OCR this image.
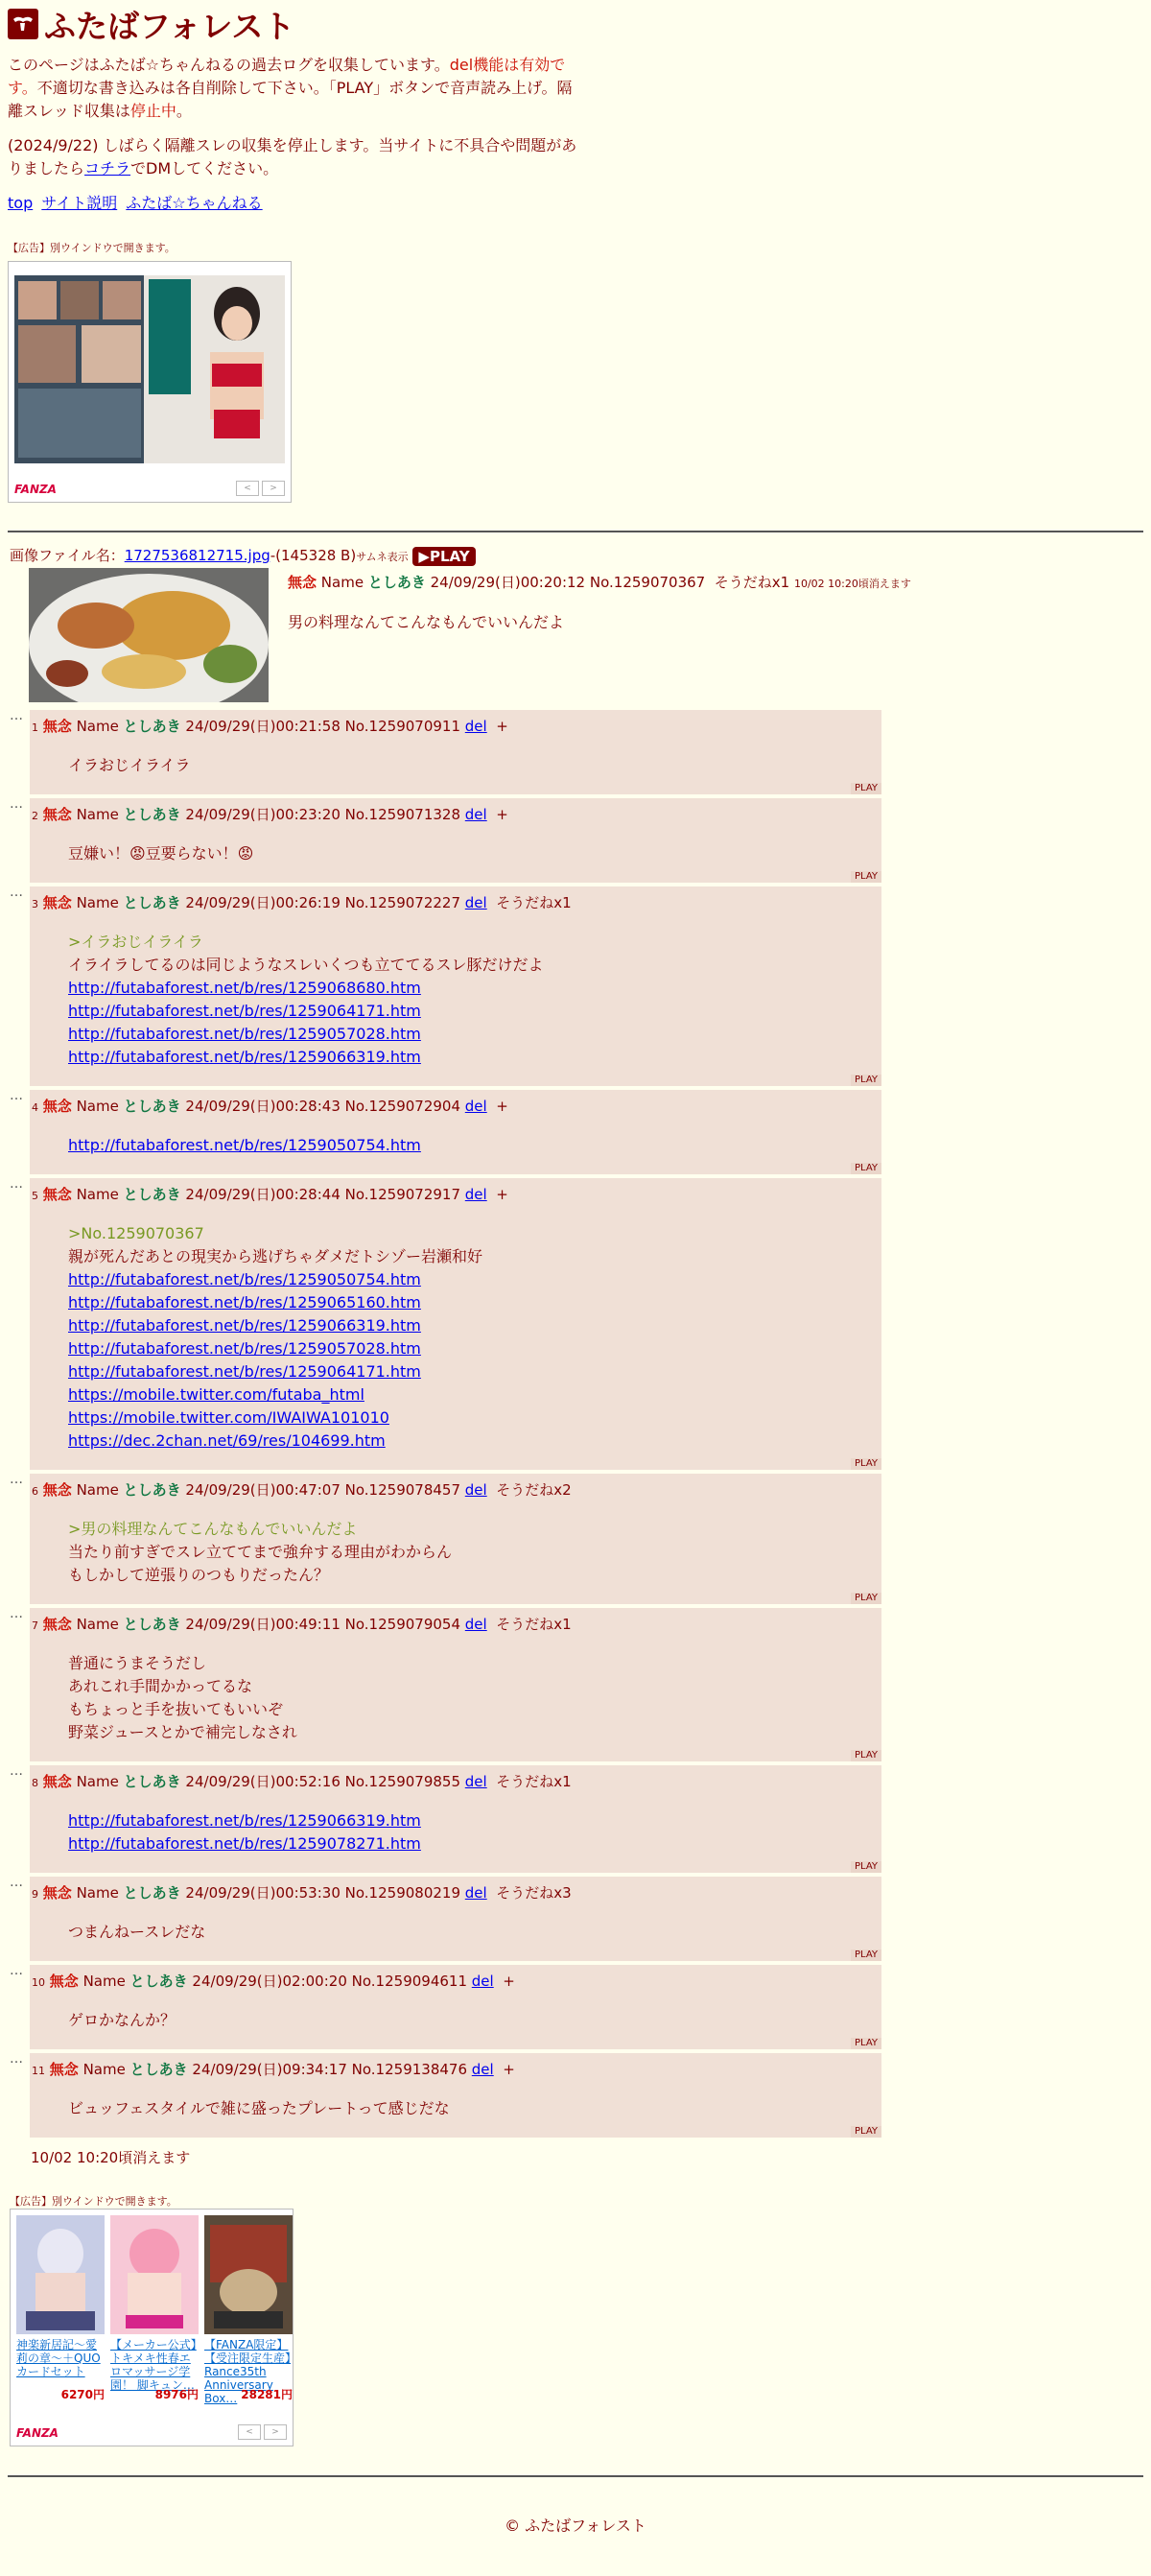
ふたばフォレスト
このページはふたば☆ちゃんねるの過去ログを収集しています。del機能は有効です。不適切な書き込みは各自削除して下さい。「PLAY」ボタンで音声読み上げ。隔離スレッド収集は停止中。
(2024/9/22) しばらく隔離スレの収集を停止します。当サイトに不具合や問題がありましたらコチラでDMしてください。
top サイト説明 ふたば☆ちゃんねる
【広告】別ウインドウで開きます。
FANZA	<	>
画像ファイル名：1727536812715.jpg-(145328 B)サムネ表示 ▶PLAY
無念 Name としあき 24/09/29(日)00:20:12 No.1259070367 そうだねx1 10/02 10:20頃消えます
男の料理なんてこんなもんでいいんだよ
…
1 無念 Name としあき 24/09/29(日)00:21:58 No.1259070911 del +
イラおじイライラ
PLAY
…
2 無念 Name としあき 24/09/29(日)00:23:20 No.1259071328 del +
豆嫌い！😡豆要らない！😡
PLAY
…
3 無念 Name としあき 24/09/29(日)00:26:19 No.1259072227 del そうだねx1
>イラおじイライラ
イライラしてるのは同じようなスレいくつも立ててるスレ豚だけだよ
http://futabaforest.net/b/res/1259068680.htm
http://futabaforest.net/b/res/1259064171.htm
http://futabaforest.net/b/res/1259057028.htm
http://futabaforest.net/b/res/1259066319.htm
PLAY
…
4 無念 Name としあき 24/09/29(日)00:28:43 No.1259072904 del +
http://futabaforest.net/b/res/1259050754.htm
PLAY
…
5 無念 Name としあき 24/09/29(日)00:28:44 No.1259072917 del +
>No.1259070367
親が死んだあとの現実から逃げちゃダメだトシゾー岩瀬和好
http://futabaforest.net/b/res/1259050754.htm
http://futabaforest.net/b/res/1259065160.htm
http://futabaforest.net/b/res/1259066319.htm
http://futabaforest.net/b/res/1259057028.htm
http://futabaforest.net/b/res/1259064171.htm
https://mobile.twitter.com/futaba_html
https://mobile.twitter.com/IWAIWA101010
https://dec.2chan.net/69/res/104699.htm
PLAY
…
6 無念 Name としあき 24/09/29(日)00:47:07 No.1259078457 del そうだねx2
>男の料理なんてこんなもんでいいんだよ
当たり前すぎでスレ立ててまで強弁する理由がわからん
もしかして逆張りのつもりだったん？
PLAY
…
7 無念 Name としあき 24/09/29(日)00:49:11 No.1259079054 del そうだねx1
普通にうまそうだし
あれこれ手間かかってるな
もちょっと手を抜いてもいいぞ
野菜ジュースとかで補完しなされ
PLAY
…
8 無念 Name としあき 24/09/29(日)00:52:16 No.1259079855 del そうだねx1
http://futabaforest.net/b/res/1259066319.htm
http://futabaforest.net/b/res/1259078271.htm
PLAY
…
9 無念 Name としあき 24/09/29(日)00:53:30 No.1259080219 del そうだねx3
つまんねースレだな
PLAY
…
10 無念 Name としあき 24/09/29(日)02:00:20 No.1259094611 del +
ゲロかなんか？
PLAY
…
11 無念 Name としあき 24/09/29(日)09:34:17 No.1259138476 del +
ビュッフェスタイルで雑に盛ったプレートって感じだな
PLAY
10/02 10:20頃消えます
【広告】別ウインドウで開きます。
神楽新居記〜愛莉の章〜＋QUOカードセット
6270円
【メーカー公式】トキメキ性春エロマッサージ学園！ 脚キュン…
8976円
【FANZA限定】【受注限定生産】Rance35th Anniversary Box… 28281円
FANZA	<	>
© ふたばフォレスト
